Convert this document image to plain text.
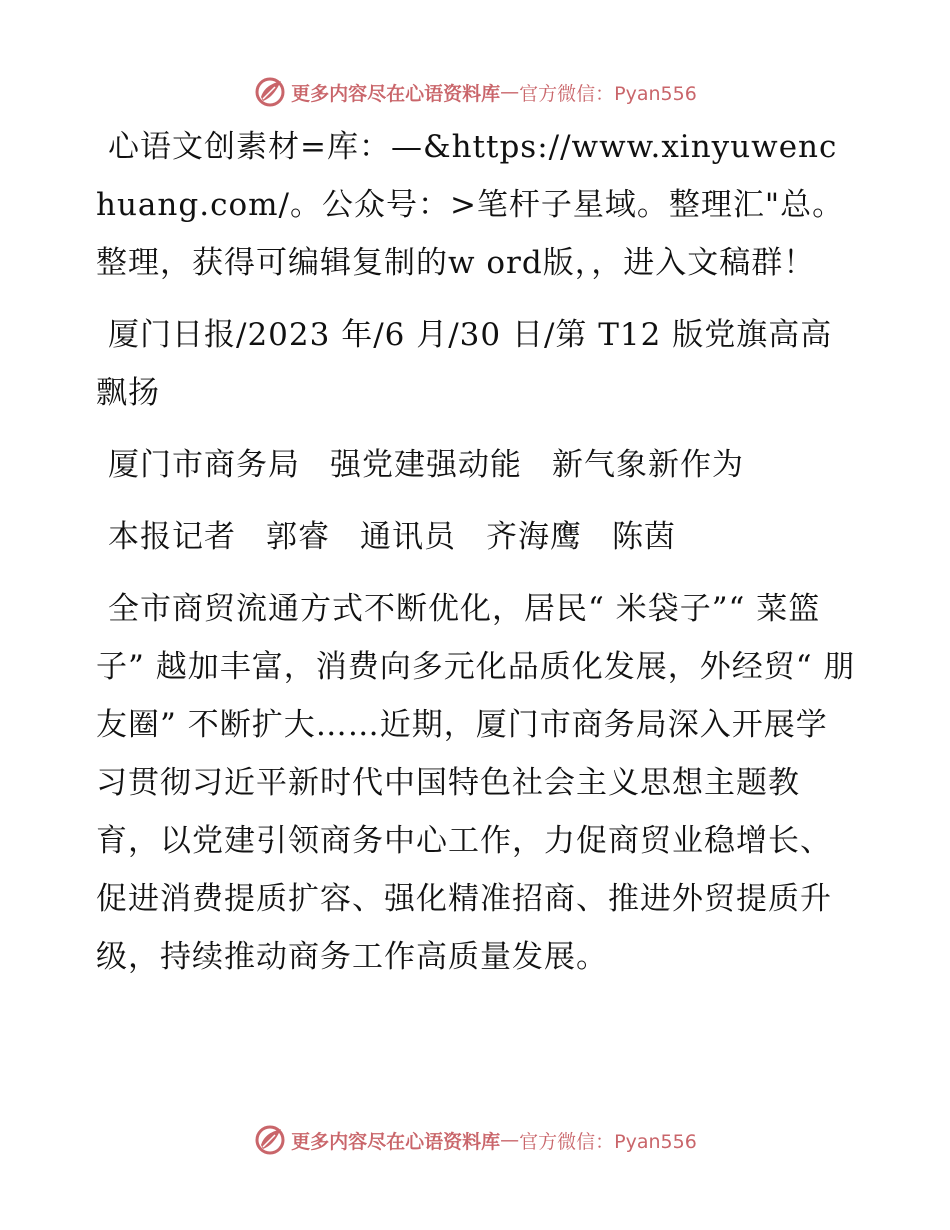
更多内容尽在心语资料库 — 官方微信：Pyan556

心语文创素材=库：—&https://www.xinyuwenchuang.com/。公众号：>笔杆子星域。整理汇"总。整理，获得可编辑复制的w ord版，，进入文稿群！

厦门日报/2023 年/6 月/30 日/第 T12 版党旗高高飘扬

厦门市商务局 强党建强动能 新气象新作为

本报记者 郭睿 通讯员 齐海鹰 陈茵

全市商贸流通方式不断优化，居民“ 米袋子”“ 菜篮子” 越加丰富，消费向多元化品质化发展，外经贸“ 朋友圈” 不断扩大……近期，厦门市商务局深入开展学习贯彻习近平新时代中国特色社会主义思想主题教育，以党建引领商务中心工作，力促商贸业稳增长、促进消费提质扩容、强化精准招商、推进外贸提质升级，持续推动商务工作高质量发展。

更多内容尽在心语资料库 — 官方微信：Pyan556
